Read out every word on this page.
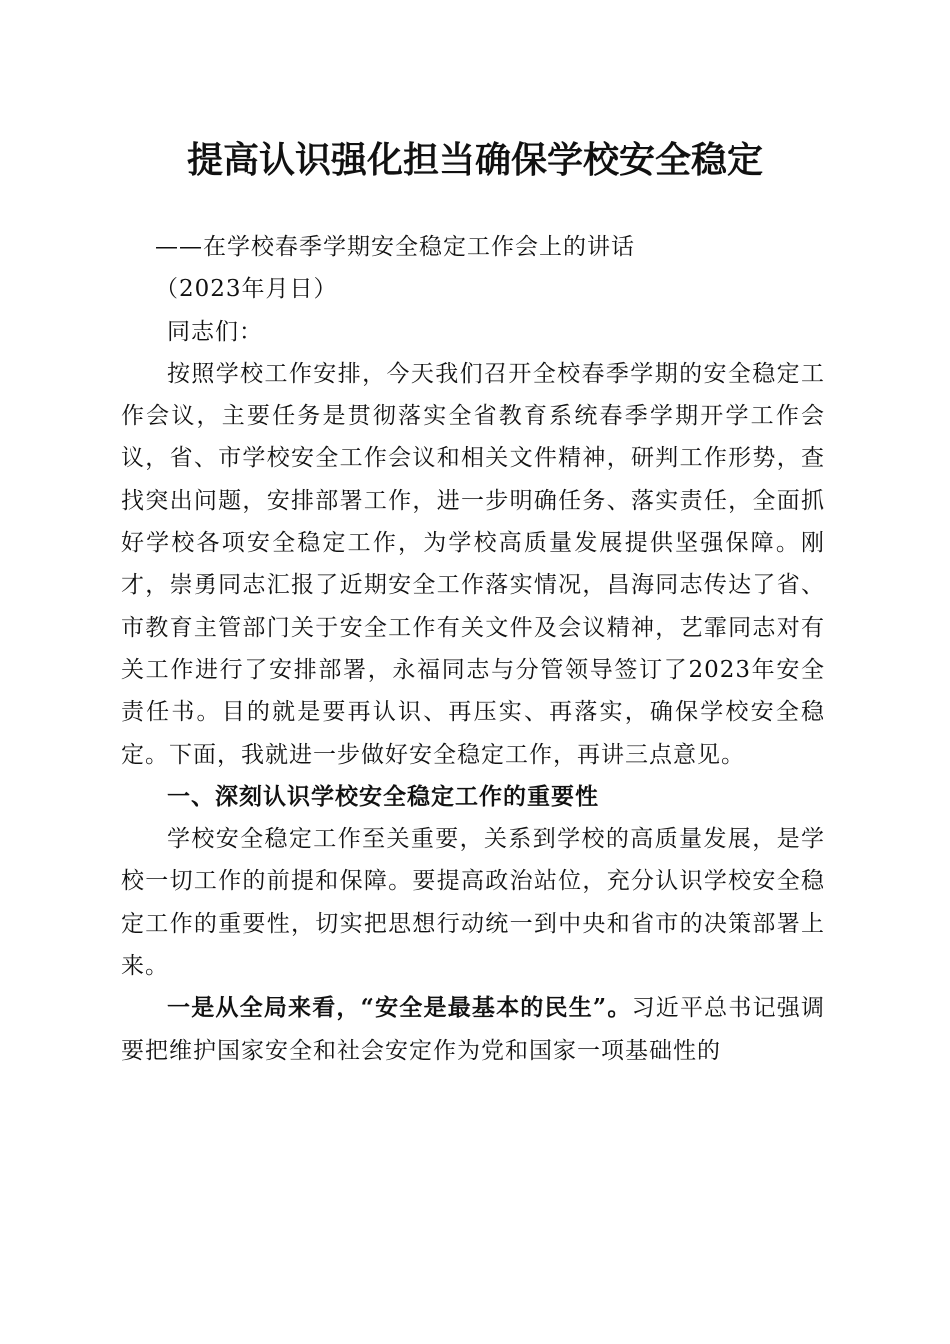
提高认识强化担当确保学校安全稳定

——在学校春季学期安全稳定工作会上的讲话

（2023年月日）

同志们：

按照学校工作安排，今天我们召开全校春季学期的安全稳定工作会议，主要任务是贯彻落实全省教育系统春季学期开学工作会议，省、市学校安全工作会议和相关文件精神，研判工作形势，查找突出问题，安排部署工作，进一步明确任务、落实责任，全面抓好学校各项安全稳定工作，为学校高质量发展提供坚强保障。刚才，崇勇同志汇报了近期安全工作落实情况，昌海同志传达了省、市教育主管部门关于安全工作有关文件及会议精神，艺霏同志对有关工作进行了安排部署，永福同志与分管领导签订了2023年安全责任书。目的就是要再认识、再压实、再落实，确保学校安全稳定。下面，我就进一步做好安全稳定工作，再讲三点意见。

一、深刻认识学校安全稳定工作的重要性

学校安全稳定工作至关重要，关系到学校的高质量发展，是学校一切工作的前提和保障。要提高政治站位，充分认识学校安全稳定工作的重要性，切实把思想行动统一到中央和省市的决策部署上来。

一是从全局来看，“安全是最基本的民生”。习近平总书记强调要把维护国家安全和社会安定作为党和国家一项基础性的
